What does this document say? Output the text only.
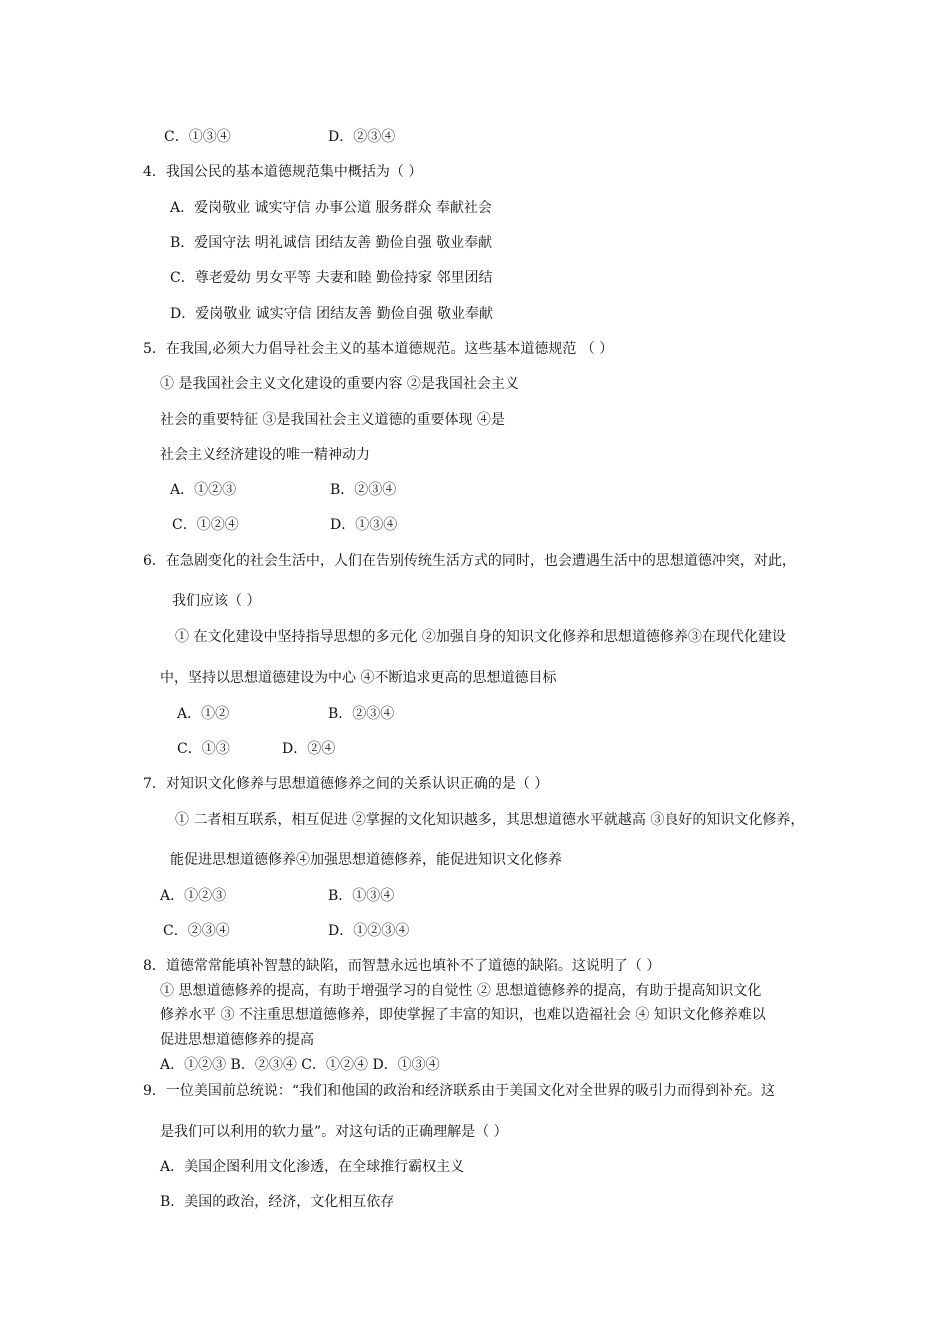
C．①③④	D．②③④
4．我国公民的基本道德规范集中概括为（ ）
A．爱岗敬业 诚实守信 办事公道 服务群众 奉献社会
B．爱国守法 明礼诚信 团结友善 勤俭自强 敬业奉献
C．尊老爱幼 男女平等 夫妻和睦 勤俭持家 邻里团结
D．爱岗敬业 诚实守信 团结友善 勤俭自强 敬业奉献
5．在我国,必须大力倡导社会主义的基本道德规范。这些基本道德规范 （ ）
① 是我国社会主义文化建设的重要内容 ②是我国社会主义
社会的重要特征 ③是我国社会主义道德的重要体现 ④是
社会主义经济建设的唯一精神动力
A．①②③	B．②③④
C．①②④	D．①③④
6．在急剧变化的社会生活中，人们在告别传统生活方式的同时，也会遭遇生活中的思想道德冲突，对此，
我们应该（ ）
① 在文化建设中坚持指导思想的多元化 ②加强自身的知识文化修养和思想道德修养③在现代化建设
中，坚持以思想道德建设为中心 ④不断追求更高的思想道德目标
A．①②	B．②③④
C．①③	D．②④
7．对知识文化修养与思想道德修养之间的关系认识正确的是（ ）
① 二者相互联系，相互促进 ②掌握的文化知识越多，其思想道德水平就越高 ③良好的知识文化修养，
能促进思想道德修养④加强思想道德修养，能促进知识文化修养
A．①②③	B．①③④
C．②③④	D．①②③④
8．道德常常能填补智慧的缺陷，而智慧永远也填补不了道德的缺陷。这说明了（ ）
① 思想道德修养的提高，有助于增强学习的自觉性 ② 思想道德修养的提高，有助于提高知识文化
修养水平 ③ 不注重思想道德修养，即使掌握了丰富的知识，也难以造福社会 ④ 知识文化修养难以
促进思想道德修养的提高
A．①②③ B．②③④ C．①②④ D．①③④
9．一位美国前总统说：“我们和他国的政治和经济联系由于美国文化对全世界的吸引力而得到补充。这
是我们可以利用的软力量”。对这句话的正确理解是（ ）
A．美国企图利用文化渗透，在全球推行霸权主义
B．美国的政治，经济，文化相互依存
